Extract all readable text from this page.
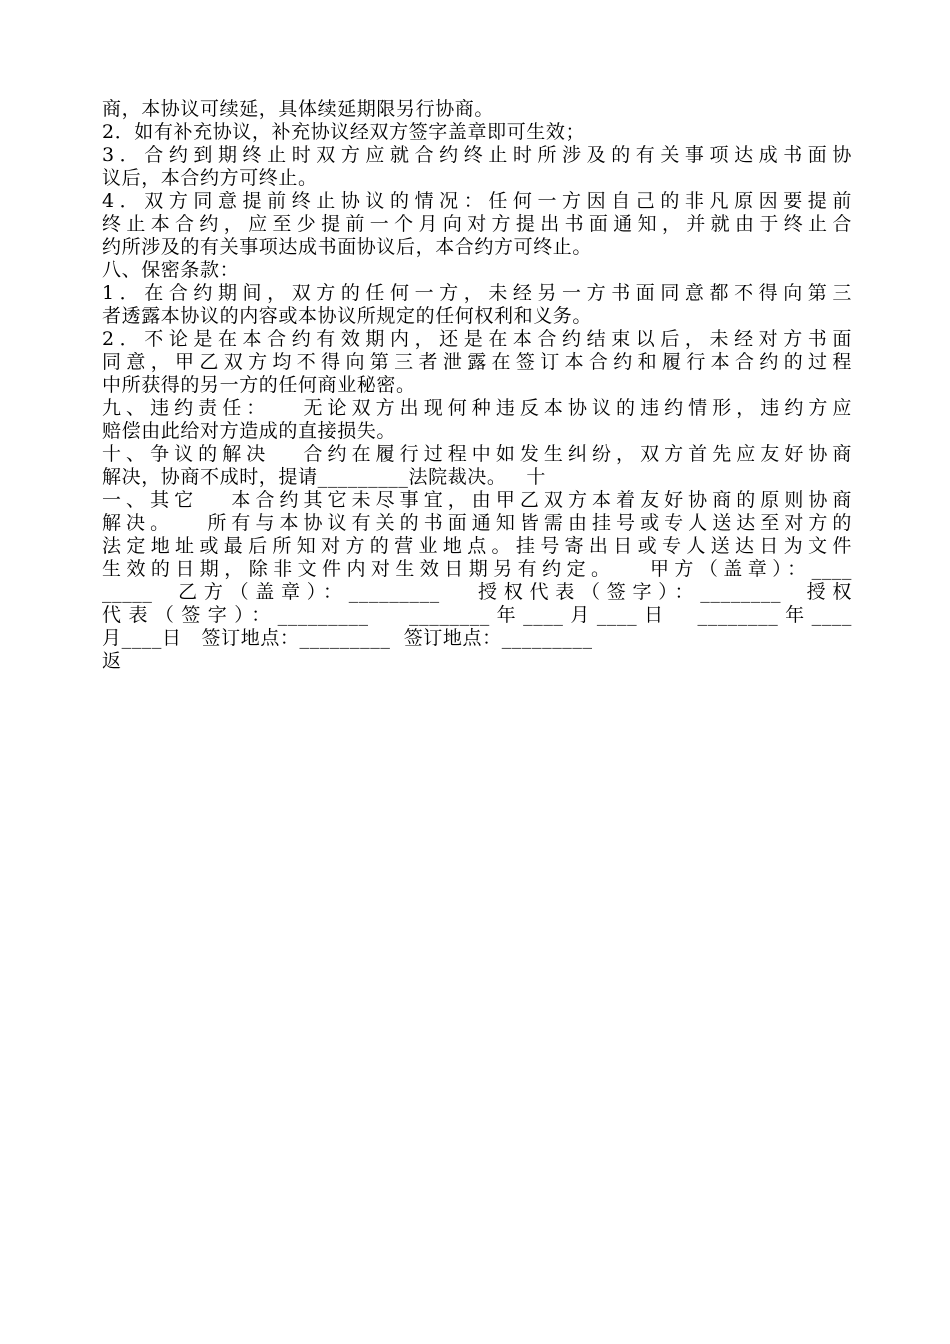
商，本协议可续延，具体续延期限另行协商。
2．如有补充协议，补充协议经双方签字盖章即可生效；
3．合约到期终止时双方应就合约终止时所涉及的有关事项达成书面协
议后，本合约方可终止。
4．双方同意提前终止协议的情况：任何一方因自己的非凡原因要提前
终止本合约，应至少提前一个月向对方提出书面通知，并就由于终止合
约所涉及的有关事项达成书面协议后，本合约方可终止。
八、保密条款：
1．在合约期间，双方的任何一方，未经另一方书面同意都不得向第三
者透露本协议的内容或本协议所规定的任何权利和义务。
2．不论是在本合约有效期内，还是在本合约结束以后，未经对方书面
同意，甲乙双方均不得向第三者泄露在签订本合约和履行本合约的过程
中所获得的另一方的任何商业秘密。
九、违约责任：   无论双方出现何种违反本协议的违约情形，违约方应
赔偿由此给对方造成的直接损失。
十、争议的解决   合约在履行过程中如发生纠纷，双方首先应友好协商
解决，协商不成时，提请_________法院裁决。   十
一、其它   本合约其它未尽事宜，由甲乙双方本着友好协商的原则协商
解决。   所有与本协议有关的书面通知皆需由挂号或专人送达至对方的
法定地址或最后所知对方的营业地点。挂号寄出日或专人送达日为文件
生效的日期，除非文件内对生效日期另有约定。   甲方（盖章）：____
_____  乙方（盖章）：_________   授权代表（签字）：________  授权
代表（签字）：_________   ________年____月____日  ________年____
月____日   签订地点：_________  签订地点：_________
返
